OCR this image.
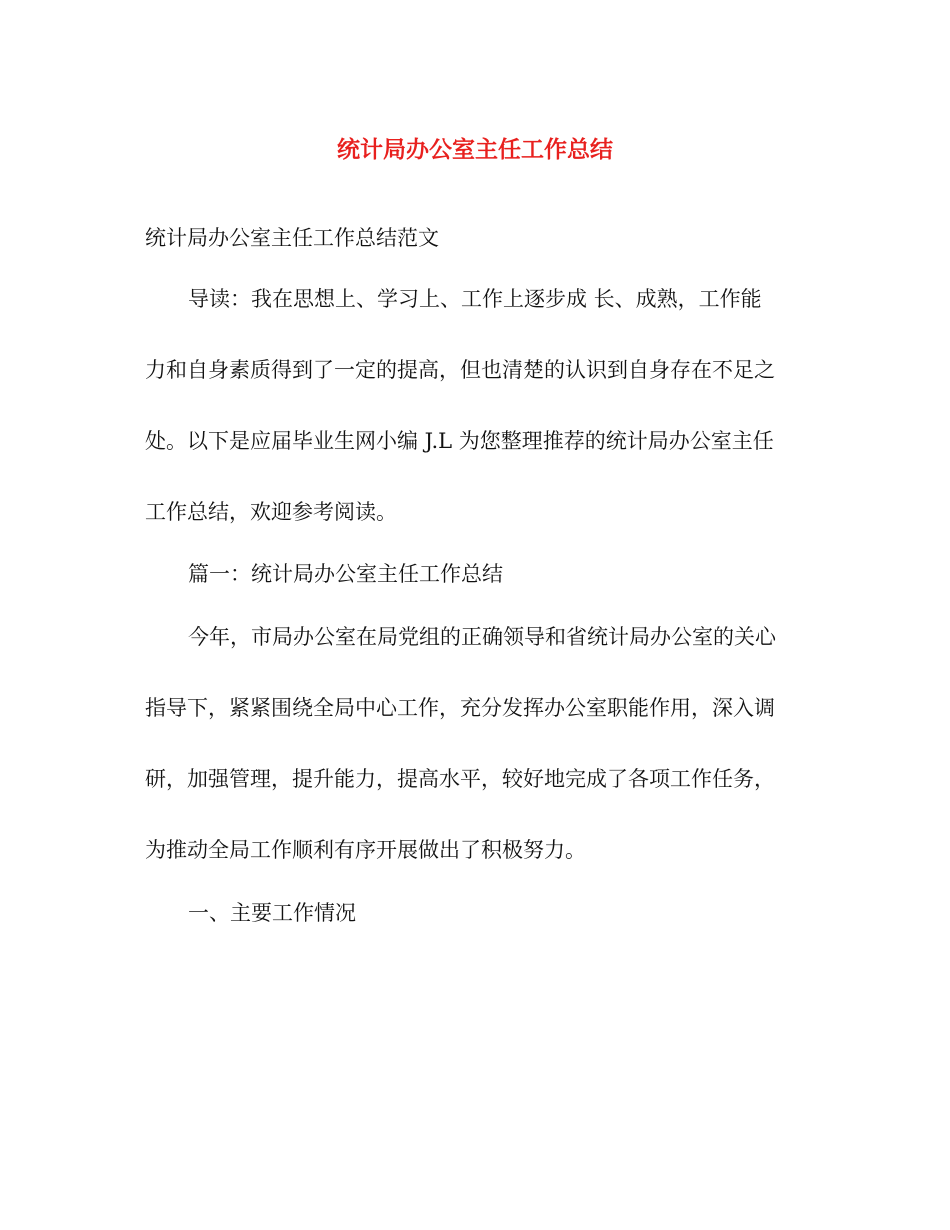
统计局办公室主任工作总结

统计局办公室主任工作总结范文

导读：我在思想上、学习上、工作上逐步成 长、成熟，工作能
力和自身素质得到了一定的提高，但也清楚的认识到自身存在不足之
处。以下是应届毕业生网小编 J.L 为您整理推荐的统计局办公室主任
工作总结，欢迎参考阅读。

篇一：统计局办公室主任工作总结

今年，市局办公室在局党组的正确领导和省统计局办公室的关心
指导下，紧紧围绕全局中心工作，充分发挥办公室职能作用，深入调
研，加强管理，提升能力，提高水平，较好地完成了各项工作任务，
为推动全局工作顺利有序开展做出了积极努力。

一、主要工作情况
